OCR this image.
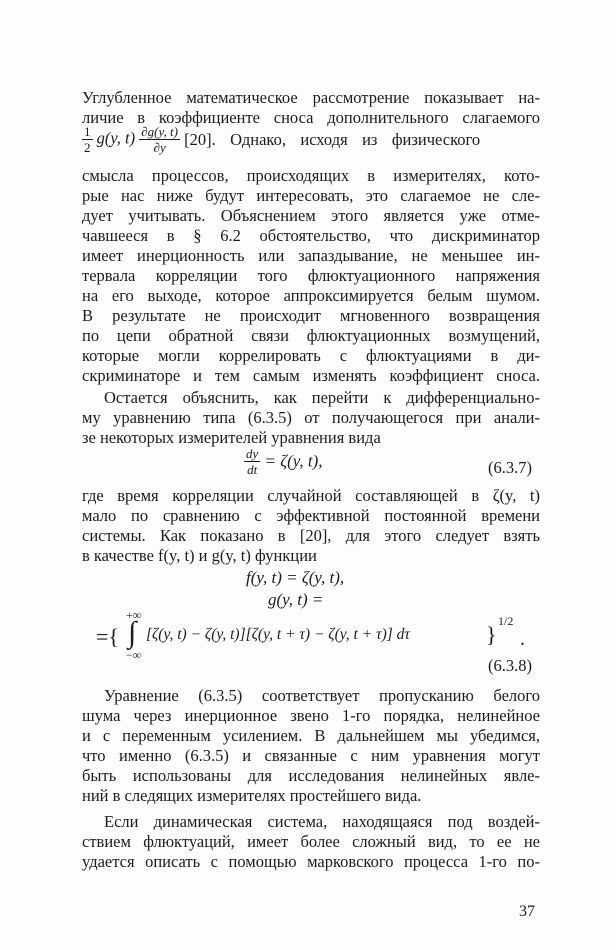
Углубленное математическое рассмотрение показывает на-
личие в коэффициенте сноса дополнительного слагаемого
$\frac{1}{2} g(y$, $t) \frac{\partial g(y, t)}{\partial y} [20]$. Однако, исходя из физического
смысла процессов, происходящих в измерителях, кото-
рые нас ниже будут интересовать, это слагаемое не сле-
дует учитывать. Объяснением этого является уже отме-
чавшееся в § 6.2 обстоятельство, что дискриминатор
имеет инерционность или запаздывание, не меньшее ин-
тервала корреляции того флюктуационного напряжения
на его выходе, которое аппроксимируется белым шумом.
В результате не происходит мгновенного возвращения
по цепи обратной связи флюктуационных возмущений,
которые могли коррелировать с флюктуациями в ди-
скриминаторе и тем самым изменять коэффициент сноса.
Остается объяснить, как перейти к дифференциально-
му уравнению типа (6.3.5) от получающегося при анали-
зе некоторых измерителей уравнения вида
$\frac{dy}{dt} = \zeta(y$, t),	(6.3.7)
где время корреляции случайной составляющей в ζ(y, t)
мало по сравнению с эффективной постоянной времени
системы. Как показано в [20], для этого следует взять
в качестве f(y, t) и g(y, t) функции
f(y, t) = ζ(y, t),
g(y, t) =
={
+∞
∫
−∞
[ζ(y, t) − ζ(y, t)][ζ(y, t + τ) − ζ(y, t + τ)] dτ	}
1/2
.
(6.3.8)
Уравнение (6.3.5) соответствует пропусканию белого
шума через инерционное звено 1-го порядка, нелинейное
и с переменным усилением. В дальнейшем мы убедимся,
что именно (6.3.5) и связанные с ним уравнения могут
быть использованы для исследования нелинейных явле-
ний в следящих измерителях простейшего вида.
Если динамическая система, находящаяся под воздей-
ствием флюктуаций, имеет более сложный вид, то ее не
удается описать с помощью марковского процесса 1-го по-
37
